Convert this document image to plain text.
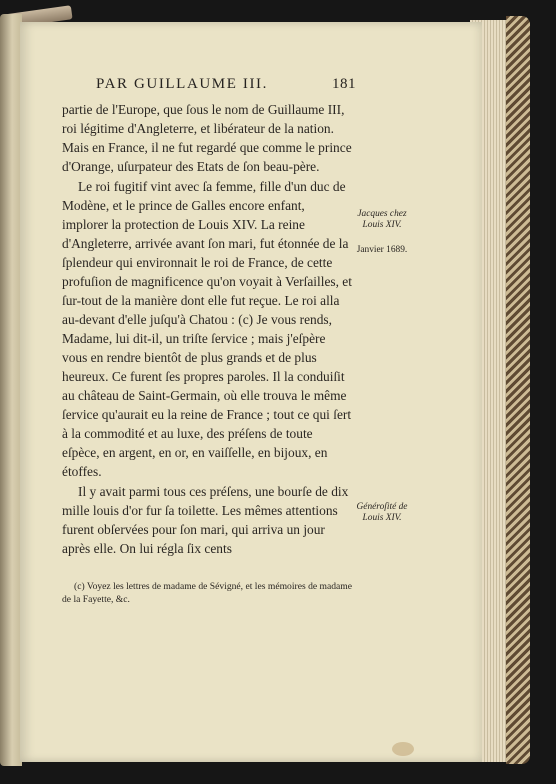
PAR GUILLAUME III.	181

partie de l'Europe, que ſous le nom de Guillaume III, roi légitime d'Angleterre, et libérateur de la nation. Mais en France, il ne fut regardé que comme le prince d'Orange, uſurpateur des Etats de ſon beau-père.

Le roi fugitif vint avec ſa femme, fille d'un duc de Modène, et le prince de Galles encore enfant, implorer la protection de Louis XIV. La reine d'Angleterre, arrivée avant ſon mari, fut étonnée de la ſplendeur qui environnait le roi de France, de cette profuſion de magnificence qu'on voyait à Verſailles, et ſur-tout de la manière dont elle fut reçue. Le roi alla au-devant d'elle juſqu'à Chatou : (c) Je vous rends, Madame, lui dit-il, un triſte ſervice ; mais j'eſpère vous en rendre bientôt de plus grands et de plus heureux. Ce furent ſes propres paroles. Il la conduiſit au château de Saint-Germain, où elle trouva le même ſervice qu'aurait eu la reine de France ; tout ce qui ſert à la commodité et au luxe, des préſens de toute eſpèce, en argent, en or, en vaiſſelle, en bijoux, en étoffes.

Il y avait parmi tous ces préſens, une bourſe de dix mille louis d'or fur ſa toilette. Les mêmes attentions furent obſervées pour ſon mari, qui arriva un jour après elle. On lui régla ſix cents

Jacques chez Louis XIV.
Janvier 1689.
Généroſité de Louis XIV.
(c) Voyez les lettres de madame de Sévigné, et les mémoires de madame de la Fayette, &c.
